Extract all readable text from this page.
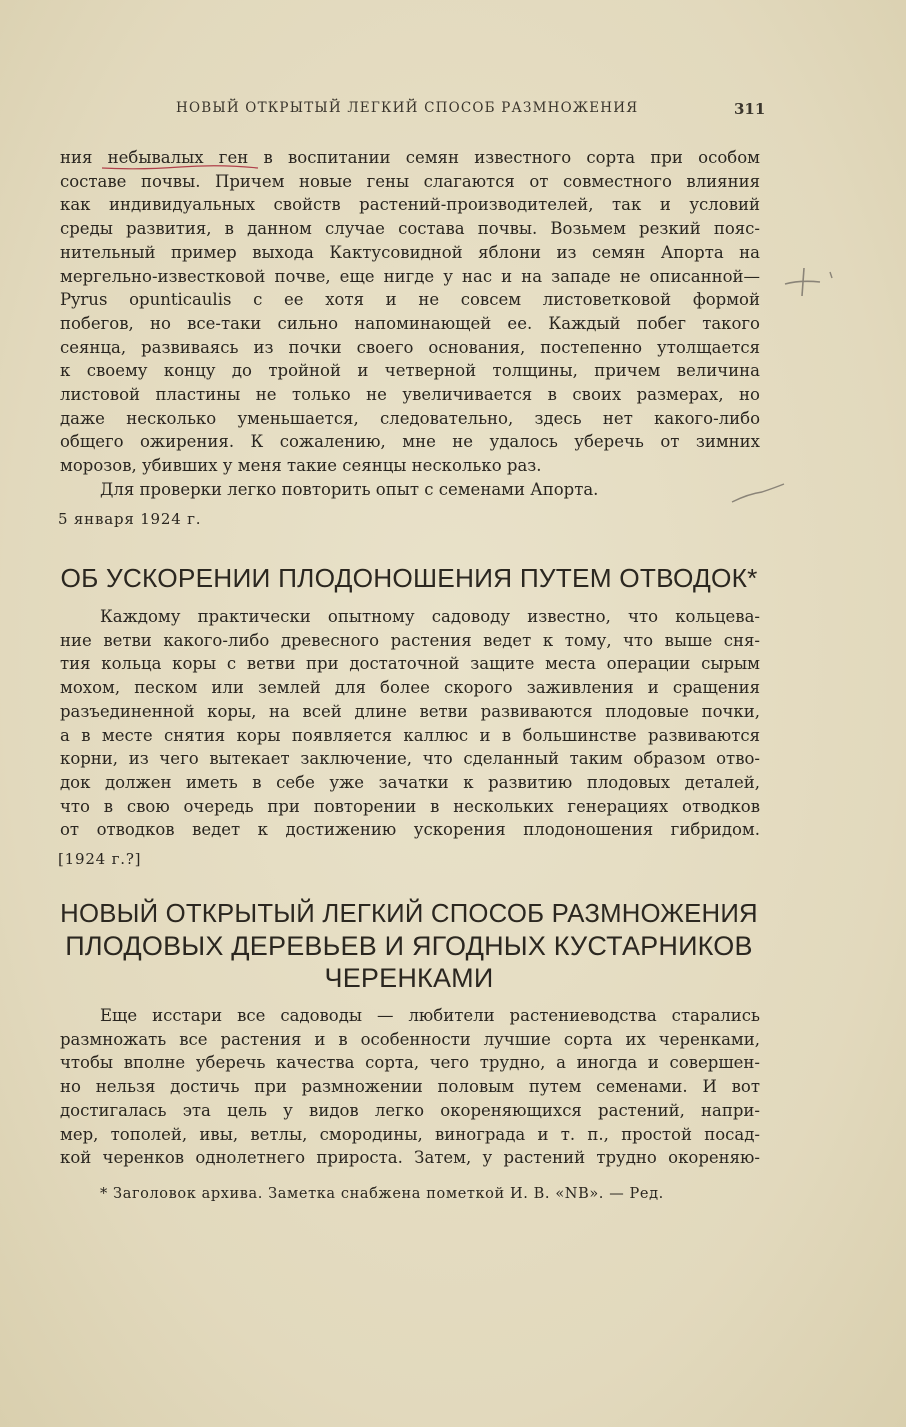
НОВЫЙ ОТКРЫТЫЙ ЛЕГКИЙ СПОСОБ РАЗМНОЖЕНИЯ	311
ния небывалых ген в воспитании семян известного сорта при особом
составе почвы. Причем новые гены слагаются от совместного влияния
как индивидуальных свойств растений-производителей, так и условий
среды развития, в данном случае состава почвы. Возьмем резкий пояс-
нительный пример выхода Кактусовидной яблони из семян Апорта на
мергельно-известковой почве, еще нигде у нас и на западе не описанной—
Pyrus opunticaulis с ее хотя и не совсем листоветковой формой
побегов, но все-таки сильно напоминающей ее. Каждый побег такого
сеянца, развиваясь из почки своего основания, постепенно утолщается
к своему концу до тройной и четверной толщины, причем величина
листовой пластины не только не увеличивается в своих размерах, но
даже несколько уменьшается, следовательно, здесь нет какого-либо
общего ожирения. К сожалению, мне не удалось уберечь от зимних
морозов, убивших у меня такие сеянцы несколько раз.
Для проверки легко повторить опыт с семенами Апорта.
5 января 1924 г.
ОБ УСКОРЕНИИ ПЛОДОНОШЕНИЯ ПУТЕМ ОТВОДОК*
Каждому практически опытному садоводу известно, что кольцева-
ние ветви какого-либо древесного растения ведет к тому, что выше сня-
тия кольца коры с ветви при достаточной защите места операции сырым
мохом, песком или землей для более скорого заживления и сращения
разъединенной коры, на всей длине ветви развиваются плодовые почки,
а в месте снятия коры появляется каллюс и в большинстве развиваются
корни, из чего вытекает заключение, что сделанный таким образом отво-
док должен иметь в себе уже зачатки к развитию плодовых деталей,
что в свою очередь при повторении в нескольких генерациях отводков
от отводков ведет к достижению ускорения плодоношения гибридом.
[1924 г.?]
НОВЫЙ ОТКРЫТЫЙ ЛЕГКИЙ СПОСОБ РАЗМНОЖЕНИЯ
ПЛОДОВЫХ ДЕРЕВЬЕВ И ЯГОДНЫХ КУСТАРНИКОВ
ЧЕРЕНКАМИ
Еще исстари все садоводы — любители растениеводства старались
размножать все растения и в особенности лучшие сорта их черенками,
чтобы вполне уберечь качества сорта, чего трудно, а иногда и совершен-
но нельзя достичь при размножении половым путем семенами. И вот
достигалась эта цель у видов легко окореняющихся растений, напри-
мер, тополей, ивы, ветлы, смородины, винограда и т. п., простой посад-
кой черенков однолетнего прироста. Затем, у растений трудно окореняю-
* Заголовок архива. Заметка снабжена пометкой И. В. «NB». — Ред.
